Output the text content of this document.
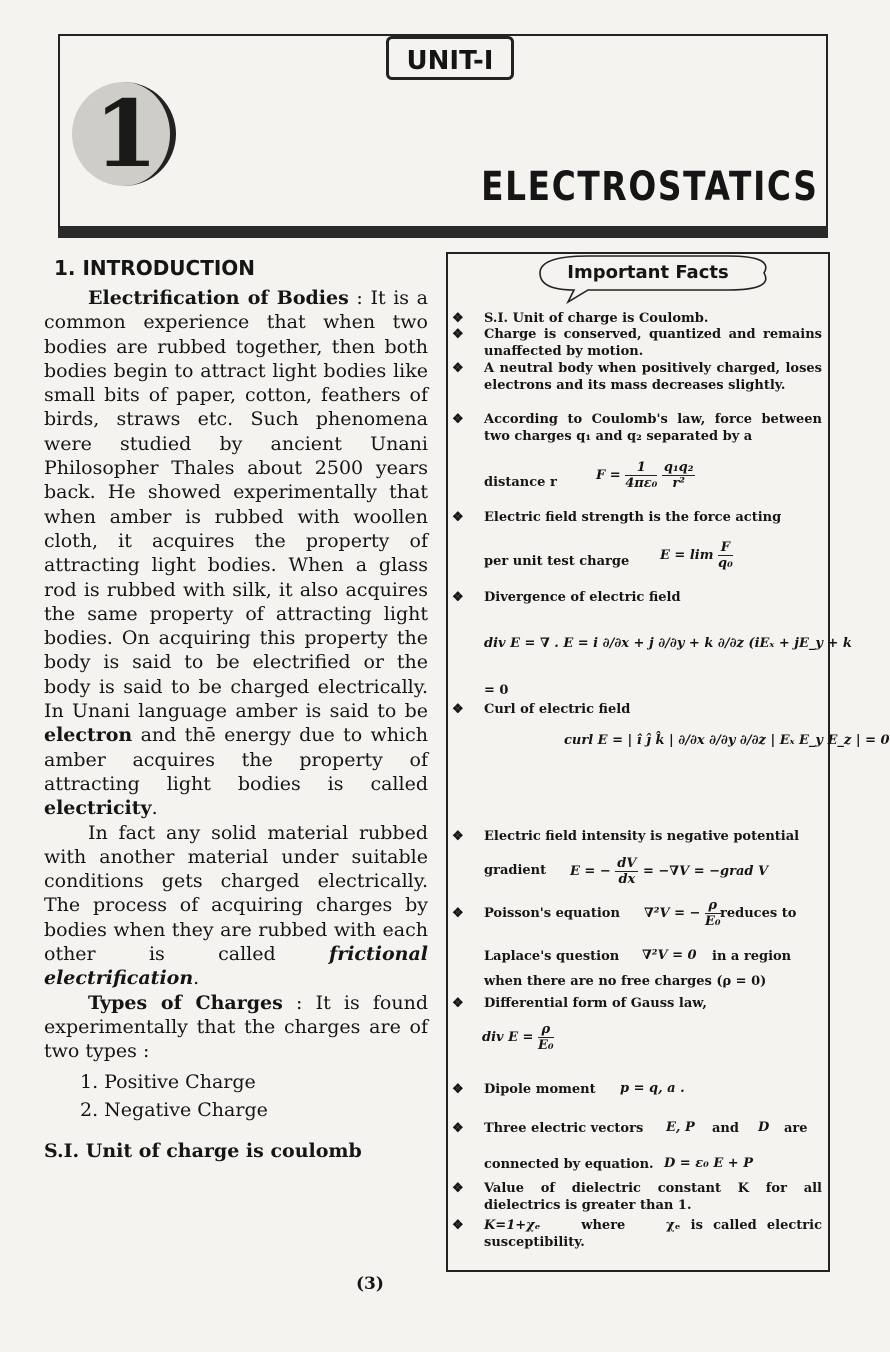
UNIT-I
1	ELECTROSTATICS
1. INTRODUCTION

Electrification of Bodies : It is a common experience that when two bodies are rubbed together, then both bodies begin to attract light bodies like small bits of paper, cotton, feathers of birds, straws etc. Such phenomena were studied by ancient Unani Philosopher Thales about 2500 years back. He showed experimentally that when amber is rubbed with woollen cloth, it acquires the property of attracting light bodies. When a glass rod is rubbed with silk, it also acquires the same property of attracting light bodies. On acquiring this property the body is said to be electrified or the body is said to be charged electrically. In Unani language amber is said to be electron and thē energy due to which amber acquires the property of attracting light bodies is called electricity.

In fact any solid material rubbed with another material under suitable conditions gets charged electrically. The process of acquiring charges by bodies when they are rubbed with each other is called frictional electrification.

Types of Charges : It is found experimentally that the charges are of two types :

1. Positive Charge
2. Negative Charge
S.I. Unit of charge is coulomb
Important Facts
❖	S.I. Unit of charge is Coulomb.
❖	Charge is conserved, quantized and remains unaffected by motion.
❖	A neutral body when positively charged, loses electrons and its mass decreases slightly.
❖	According to Coulomb's law, force between two charges q₁ and q₂ separated by a
distance r	$F = \frac{1}{\text{4πε₀}}$
$\frac{\text{q₁q₂}}{\text{r²}}$
❖	Electric field strength is the force acting
per unit test charge	$E = \lim \frac{F}{\text{q₀}}$
❖	Divergence of electric field
div E = ∇ . E = i ∂/∂x + j ∂/∂y + k ∂/∂z (iEₓ + jE_y + k
= 0
❖	Curl of electric field
curl E = | î ĵ k̂ | ∂/∂x ∂/∂y ∂/∂z | Eₓ E_y E_z | = 0
❖	Electric field intensity is negative potential
gradient	E = − $\frac{dV}{dx} = -\nabla V$ = −grad V
❖	Poisson's equation	∇²V = − $\frac{\rho}{\text{E₀}}$ reduces to
Laplace's question	∇²V = 0 in a region
when there are no free charges (ρ = 0)
❖	Differential form of Gauss law,
div $E = \frac{\rho}{\text{E₀}}$
❖	Dipole moment	p = q, a .
❖	Three electric vectors	E, P and	D are
connected by equation. D = ε₀ E + P
❖	Value of dielectric constant K for all dielectrics is greater than 1.
❖	K=1+χₑ	where	χₑ is called electric susceptibility.
(3)
